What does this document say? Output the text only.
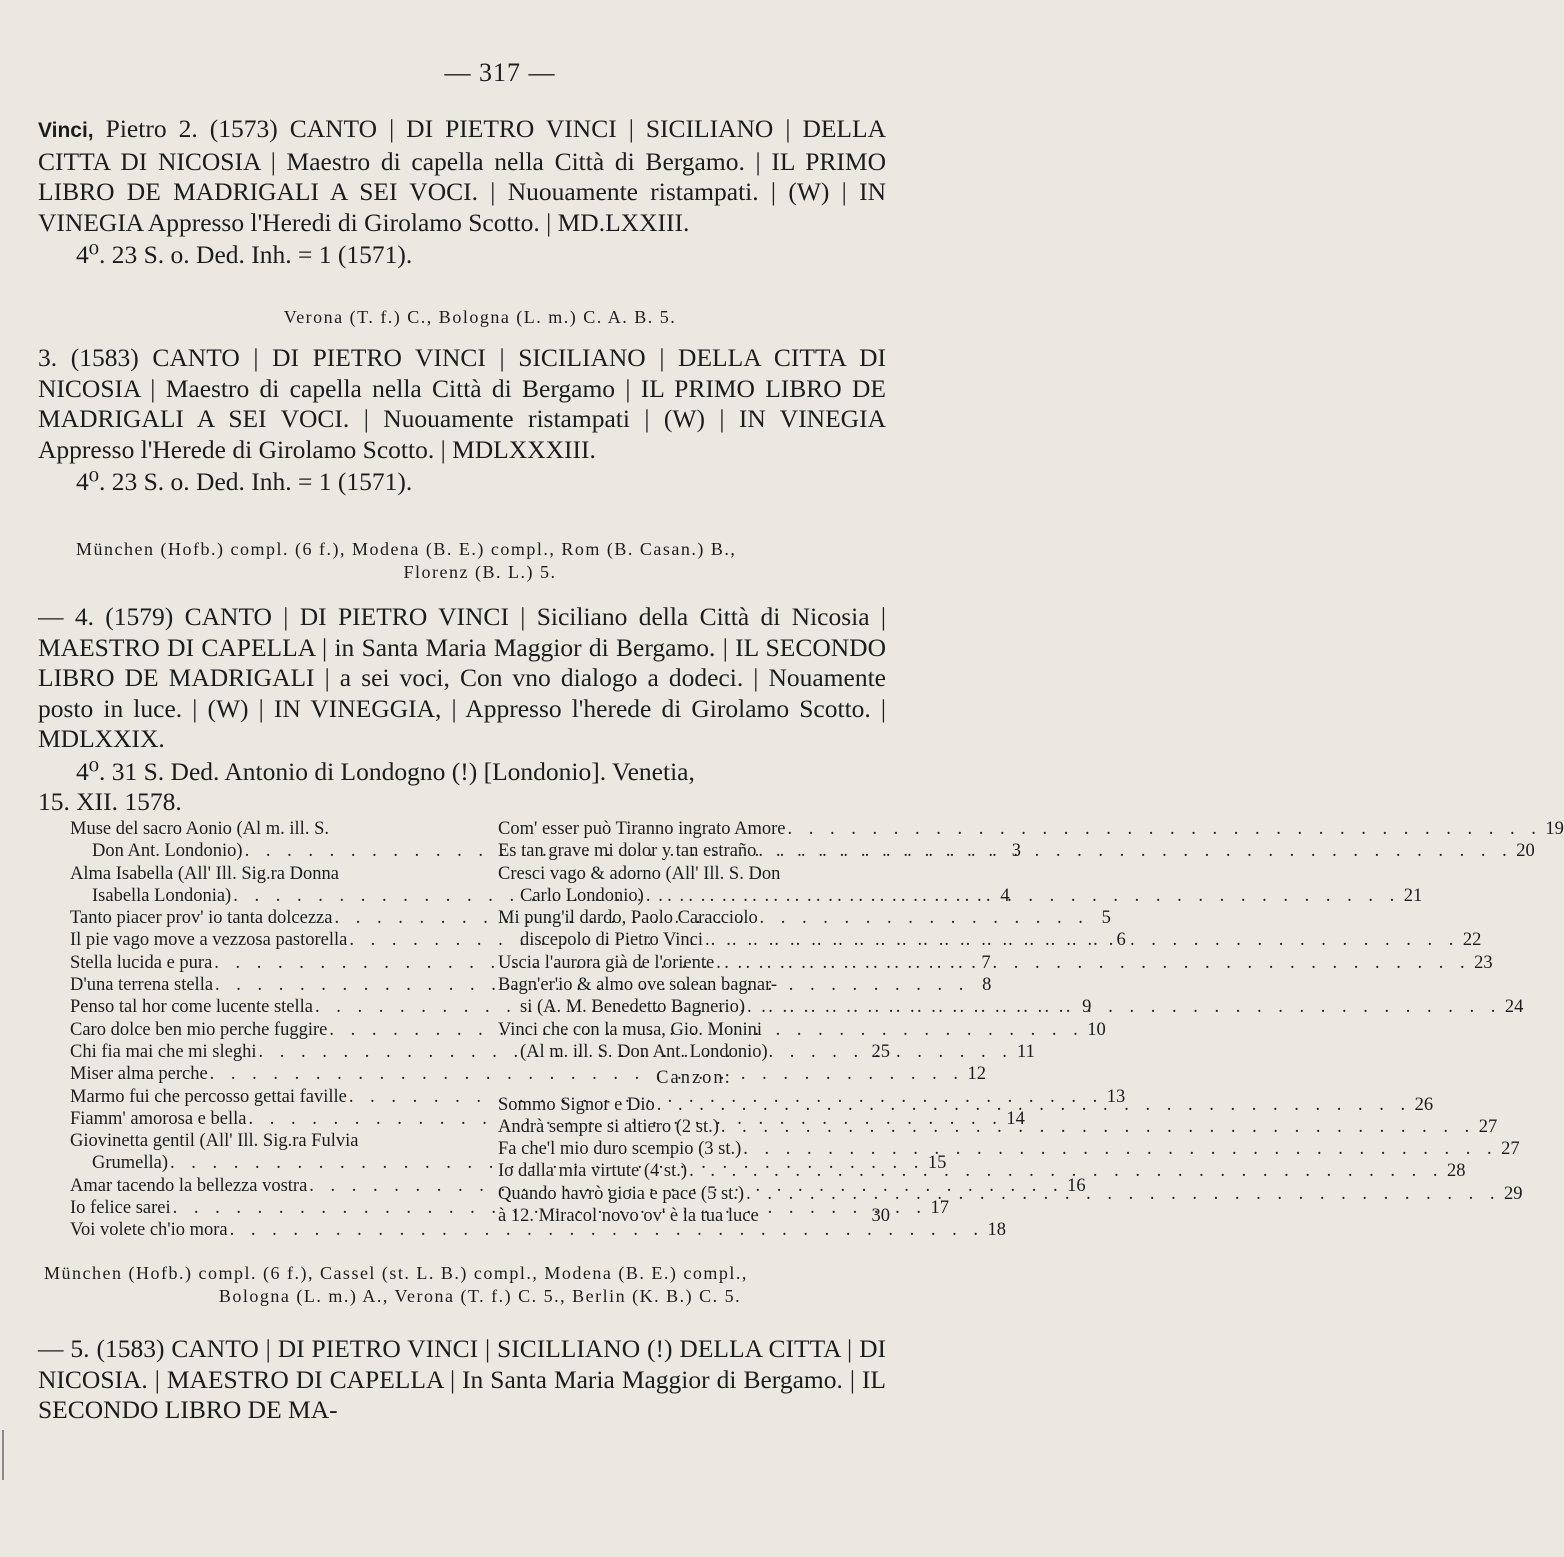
— 317 —

Vinci, Pietro 2. (1573) CANTO | DI PIETRO VINCI | SICILIANO | DELLA CITTA DI NICOSIA | Maestro di capella nella Città di Bergamo. | IL PRIMO LIBRO DE MADRIGALI A SEI VOCI. | Nuouamente ristampati. | (W) | IN VINEGIA Appresso l'Heredi di Girolamo Scotto. | MD.LXXIII.

4⁰. 23 S. o. Ded. Inh. = 1 (1571).

Verona (T. f.) C., Bologna (L. m.) C. A. B. 5.

3. (1583) CANTO | DI PIETRO VINCI | SICILIANO | DELLA CITTA DI NICOSIA | Maestro di capella nella Città di Bergamo | IL PRIMO LIBRO DE MADRIGALI A SEI VOCI. | Nuouamente ristampati | (W) | IN VINEGIA Appresso l'Herede di Girolamo Scotto. | MDLXXXIII.

4⁰. 23 S. o. Ded. Inh. = 1 (1571).

München (Hofb.) compl. (6 f.), Modena (B. E.) compl., Rom (B. Casan.) B.,
Florenz (B. L.) 5.

— 4. (1579) CANTO | DI PIETRO VINCI | Siciliano della Città di Nicosia | MAESTRO DI CAPELLA | in Santa Maria Maggior di Bergamo. | IL SECONDO LIBRO DE MADRIGALI | a sei voci, Con vno dialogo a dodeci. | Nouamente posto in luce. | (W) | IN VINEGGIA, | Appresso l'herede di Girolamo Scotto. | MDLXXIX.

4⁰. 31 S. Ded. Antonio di Londogno (!) [Londonio]. Venetia,

15. XII. 1578.

Muse del sacro Aonio (Al m. ill. S.
Don Ant. Londonio) . . .	3
Alma Isabella (All' Ill. Sig.ra Donna
Isabella Londonia) . . .	4
Tanto piacer prov' io tanta dolcezza . . .	5
Il pie vago move a vezzosa pastorella . . .	6
Stella lucida e pura . . .	7
D'una terrena stella . . .	8
Penso tal hor come lucente stella . . .	9
Caro dolce ben mio perche fuggire . . .	10
Chi fia mai che mi sleghi . . .	11
Miser alma perche . . .	12
Marmo fui che percosso gettai faville . . .	13
Fiamm' amorosa e bella . . .	14
Giovinetta gentil (All' Ill. Sig.ra Fulvia
Grumella) . . .	15
Amar tacendo la bellezza vostra . . .	16
Io felice sarei . . .	17
Voi volete ch'io mora . . .	18
Com' esser può Tiranno ingrato Amore . . .	19
Es tan grave mi dolor y tan estraño . . .	20
Cresci vago & adorno (All' Ill. S. Don
Carlo Londonio) . . .	21
Mi pung'il dardo, Paolo Caracciolo
discepolo di Pietro Vinci . . .	22
Uscia l'aurora già de l'oriente . . .	23
Bagn'er'io & almo ove solean bagnar-
si (A. M. Benedetto Bagnerio) . . .	24
Vinci che con la musa, Gio. Monini
(Al m. ill. S. Don Ant. Londonio)	25
Canzon:
Sommo Signor e Dio . . .	26
Andrà sempre si altiero (2 st.) . . .	27
Fa che'l mio duro scempio (3 st.) . . .	27
Io dalla mia virtute (4 st.) . . .	28
Quando havrò gioia e pace (5 st.) . . .	29
à 12. Miracol novo ov' è la tua luce	30
München (Hofb.) compl. (6 f.), Cassel (st. L. B.) compl., Modena (B. E.) compl.,
Bologna (L. m.) A., Verona (T. f.) C. 5., Berlin (K. B.) C. 5.

— 5. (1583) CANTO | DI PIETRO VINCI | SICILLIANO (!) DELLA CITTA | DI NICOSIA. | MAESTRO DI CAPELLA | In Santa Maria Maggior di Bergamo. | IL SECONDO LIBRO DE MA-
